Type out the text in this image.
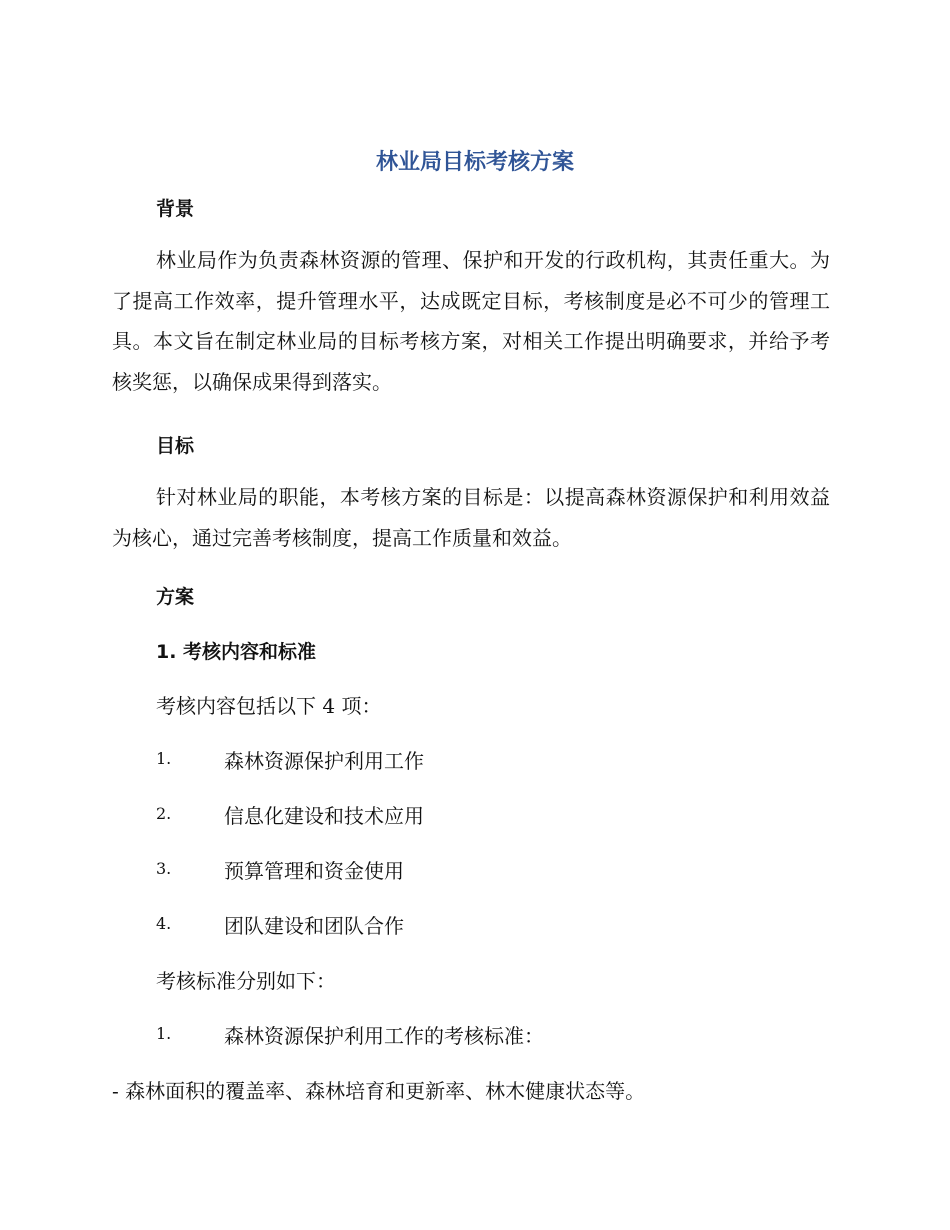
林业局目标考核方案
背景

林业局作为负责森林资源的管理、保护和开发的行政机构，其责任重大。为了提高工作效率，提升管理水平，达成既定目标，考核制度是必不可少的管理工具。本文旨在制定林业局的目标考核方案，对相关工作提出明确要求，并给予考核奖惩，以确保成果得到落实。

目标

针对林业局的职能，本考核方案的目标是：以提高森林资源保护和利用效益为核心，通过完善考核制度，提高工作质量和效益。

方案
1. 考核内容和标准
考核内容包括以下 4 项：
1.	森林资源保护利用工作
2.	信息化建设和技术应用
3.	预算管理和资金使用
4.	团队建设和团队合作
考核标准分别如下：
1.	森林资源保护利用工作的考核标准：
- 森林面积的覆盖率、森林培育和更新率、林木健康状态等。
